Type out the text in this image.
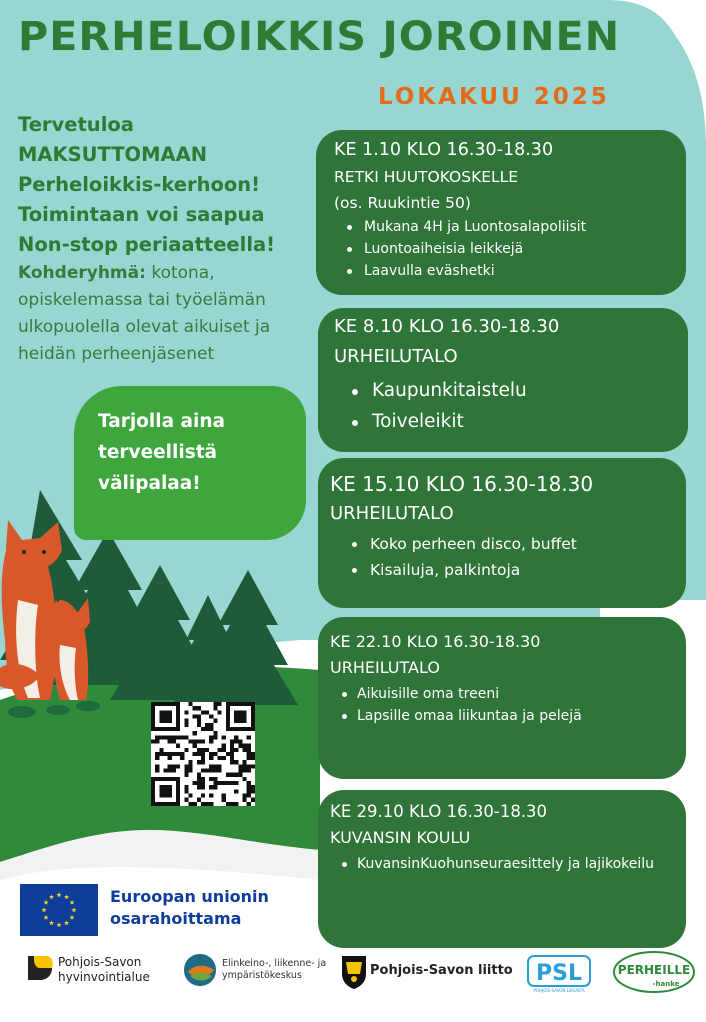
PERHELOIKKIS JOROINEN
LOKAKUU 2025
Tervetuloa
MAKSUTTOMAAN
Perheloikkis-kerhoon!
Toimintaan voi saapua
Non-stop periaatteella!
Kohderyhmä: kotona, opiskelemassa tai työelämän ulkopuolella olevat aikuiset ja heidän perheenjäsenet
Tarjolla aina terveellistä välipalaa!
KE 1.10 KLO 16.30-18.30
RETKI HUUTOKOSKELLE
(os. Ruukintie 50)
Mukana 4H ja Luontosalapoliisit
Luontoaiheisia leikkejä
Laavulla eväshetki
KE 8.10 KLO 16.30-18.30
URHEILUTALO
Kaupunkitaistelu
Toiveleikit
KE 15.10 KLO 16.30-18.30
URHEILUTALO
Koko perheen disco, buffet
Kisailuja, palkintoja
KE 22.10 KLO 16.30-18.30
URHEILUTALO
Aikuisille oma treeni
Lapsille omaa liikuntaa ja pelejä
KE 29.10 KLO 16.30-18.30
KUVANSIN KOULU
KuvansinKuohunseuraesittely ja lajikokeilu
Euroopan unionin osarahoittama
Pohjois-Savon
hyvinvointialue
Elinkeino-, liikenne- ja
ympäristökeskus	Pohjois-Savon liitto PSL
POHJOIS-SAVON LIIKUNTA
PERHEILLE
-hanke
